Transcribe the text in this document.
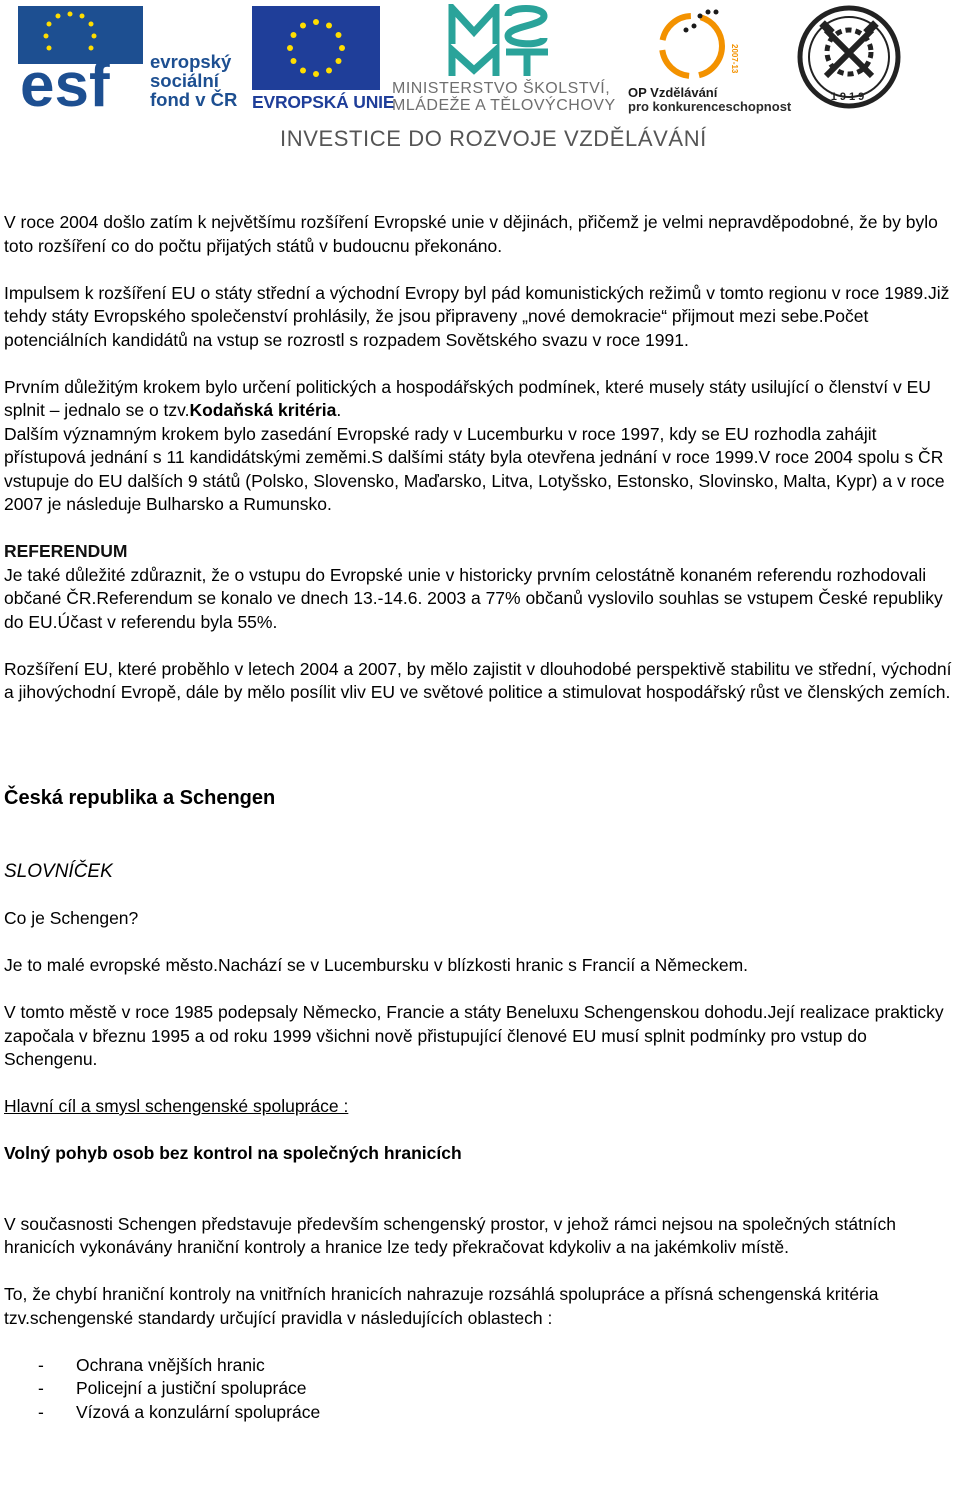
esf evropský
sociální
fond v ČR EVROPSKÁ UNIE
MINISTERSTVO ŠKOLSTVÍ,
MLÁDEŽE A TĚLOVÝCHOVY
2007-13
OP Vzdělávání
pro konkurenceschopnost
1919
INVESTICE DO ROZVOJE VZDĚLÁVÁNÍ

V roce 2004 došlo zatím k největšímu rozšíření Evropské unie v dějinách, přičemž je velmi nepravděpodobné, že by bylo toto rozšíření co do počtu přijatých států v budoucnu překonáno.

Impulsem k rozšíření EU o státy střední a východní Evropy byl pád komunistických režimů v tomto regionu v roce 1989.Již tehdy státy Evropského společenství prohlásily, že jsou připraveny „nové demokracie“ přijmout mezi sebe.Počet potenciálních kandidátů na vstup se rozrostl s rozpadem Sovětského svazu v roce 1991.

Prvním důležitým krokem bylo určení politických a hospodářských podmínek, které musely státy usilující o členství v EU splnit – jednalo se o tzv.Kodaňská kritéria.

Dalším významným krokem bylo zasedání Evropské rady v Lucemburku v roce 1997, kdy se EU rozhodla zahájit přístupová jednání s 11 kandidátskými zeměmi.S dalšími státy byla otevřena jednání v roce 1999.V roce 2004 spolu s ČR vstupuje do EU dalších 9 států (Polsko, Slovensko, Maďarsko, Litva, Lotyšsko, Estonsko, Slovinsko, Malta, Kypr) a v roce 2007 je následuje Bulharsko a Rumunsko.

REFERENDUM

Je také důležité zdůraznit, že o vstupu do Evropské unie v historicky prvním celostátně konaném referendu rozhodovali občané ČR.Referendum se konalo ve dnech 13.-14.6. 2003 a 77% občanů vyslovilo souhlas se vstupem České republiky do EU.Účast v referendu byla 55%.

Rozšíření EU, které proběhlo v letech 2004 a 2007, by mělo zajistit v dlouhodobé perspektivě stabilitu ve střední, východní a jihovýchodní Evropě, dále by mělo posílit vliv EU ve světové politice a stimulovat hospodářský růst ve členských zemích.

Česká republika a Schengen

SLOVNÍČEK

Co je Schengen?

Je to malé evropské město.Nachází se v Lucembursku v blízkosti hranic s Francií a Německem.

V tomto městě v roce 1985 podepsaly Německo, Francie a státy Beneluxu Schengenskou dohodu.Její realizace prakticky započala v březnu 1995 a od roku 1999 všichni nově přistupující členové EU musí splnit podmínky pro vstup do Schengenu.

Hlavní cíl a smysl schengenské spolupráce :

Volný pohyb osob bez kontrol na společných hranicích

V současnosti Schengen představuje především schengenský prostor, v jehož rámci nejsou na společných státních hranicích vykonávány hraniční kontroly a hranice lze tedy překračovat kdykoliv a na jakémkoliv místě.

To, že chybí hraniční kontroly na vnitřních hranicích nahrazuje rozsáhlá spolupráce a přísná schengenská kritéria tzv.schengenské standardy určující pravidla v následujících oblastech :

-	Ochrana vnějších hranic
-	Policejní a justiční spolupráce
-	Vízová a konzulární spolupráce
